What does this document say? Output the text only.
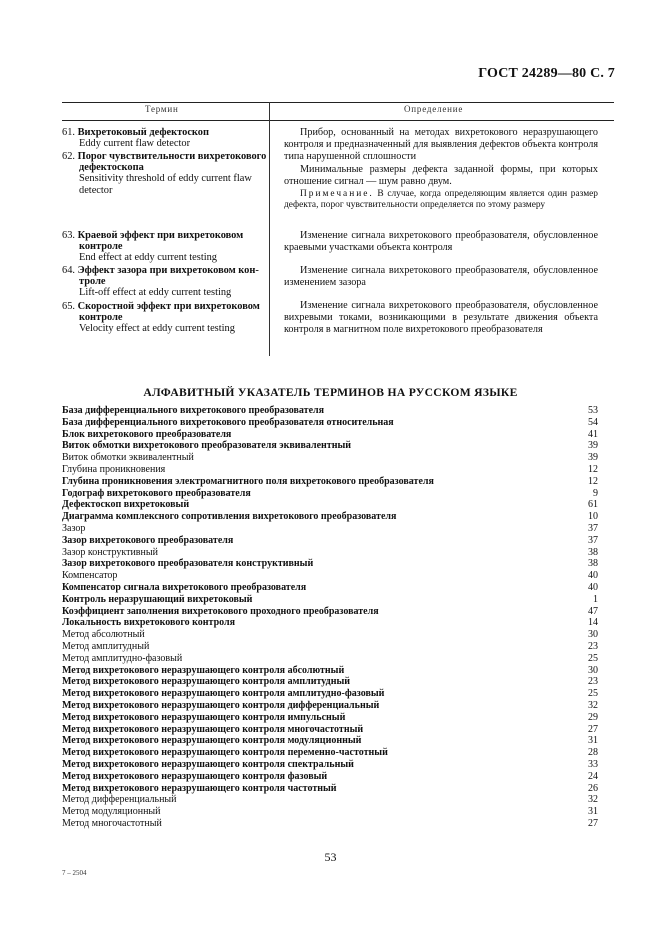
ГОСТ 24289—80 С. 7
Термин	Определение
61. Вихретоковый дефектоскоп
Eddy current flaw detector
Прибор, основанный на методах вихретокового неразрушающего контроля и предназначенный для выявления дефектов объекта контроля типа нарушенной сплошности
62. Порог чувствительности вихретокового
дефектоскопа
Sensitivity threshold of eddy current flaw detector
Минимальные размеры дефекта заданной формы, при которых отношение сигнал — шум равно двум.
Примечание. В случае, когда определяющим является один размер дефекта, порог чувствительности определяется по этому размеру
63. Краевой эффект при вихретоковом
контроле
End effect at eddy current testing
Изменение сигнала вихретокового преобразователя, обусловленное краевыми участками объекта контроля
64. Эффект зазора при вихретоковом кон-
троле
Lift-off effect at eddy current testing
Изменение сигнала вихретокового преобразователя, обусловленное изменением зазора
65. Скоростной эффект при вихретоковом
контроле
Velocity effect at eddy current testing
Изменение сигнала вихретокового преобразователя, обусловленное вихревыми токами, возникающими в результате движения объекта контроля в магнитном поле вихретокового преобразователя
АЛФАВИТНЫЙ УКАЗАТЕЛЬ ТЕРМИНОВ НА РУССКОМ ЯЗЫКЕ
База дифференциального вихретокового преобразователя	53
База дифференциального вихретокового преобразователя относительная	54
Блок вихретокового преобразователя	41
Виток обмотки вихретокового преобразователя эквивалентный	39
Виток обмотки эквивалентный	39
Глубина проникновения	12
Глубина проникновения электромагнитного поля вихретокового преобразователя	12
Годограф вихретокового преобразователя	9
Дефектоскоп вихретоковый	61
Диаграмма комплексного сопротивления вихретокового преобразователя	10
Зазор	37
Зазор вихретокового преобразователя	37
Зазор конструктивный	38
Зазор вихретокового преобразователя конструктивный	38
Компенсатор	40
Компенсатор сигнала вихретокового преобразователя	40
Контроль неразрушающий вихретоковый	1
Коэффициент заполнения вихретокового проходного преобразователя	47
Локальность вихретокового контроля	14
Метод абсолютный	30
Метод амплитудный	23
Метод амплитудно-фазовый	25
Метод вихретокового неразрушающего контроля абсолютный	30
Метод вихретокового неразрушающего контроля амплитудный	23
Метод вихретокового неразрушающего контроля амплитудно-фазовый	25
Метод вихретокового неразрушающего контроля дифференциальный	32
Метод вихретокового неразрушающего контроля импульсный	29
Метод вихретокового неразрушающего контроля многочастотный	27
Метод вихретокового неразрушающего контроля модуляционный	31
Метод вихретокового неразрушающего контроля переменно-частотный	28
Метод вихретокового неразрушающего контроля спектральный	33
Метод вихретокового неразрушающего контроля фазовый	24
Метод вихретокового неразрушающего контроля частотный	26
Метод дифференциальный	32
Метод модуляционный	31
Метод многочастотный	27
53
7 – 2504
